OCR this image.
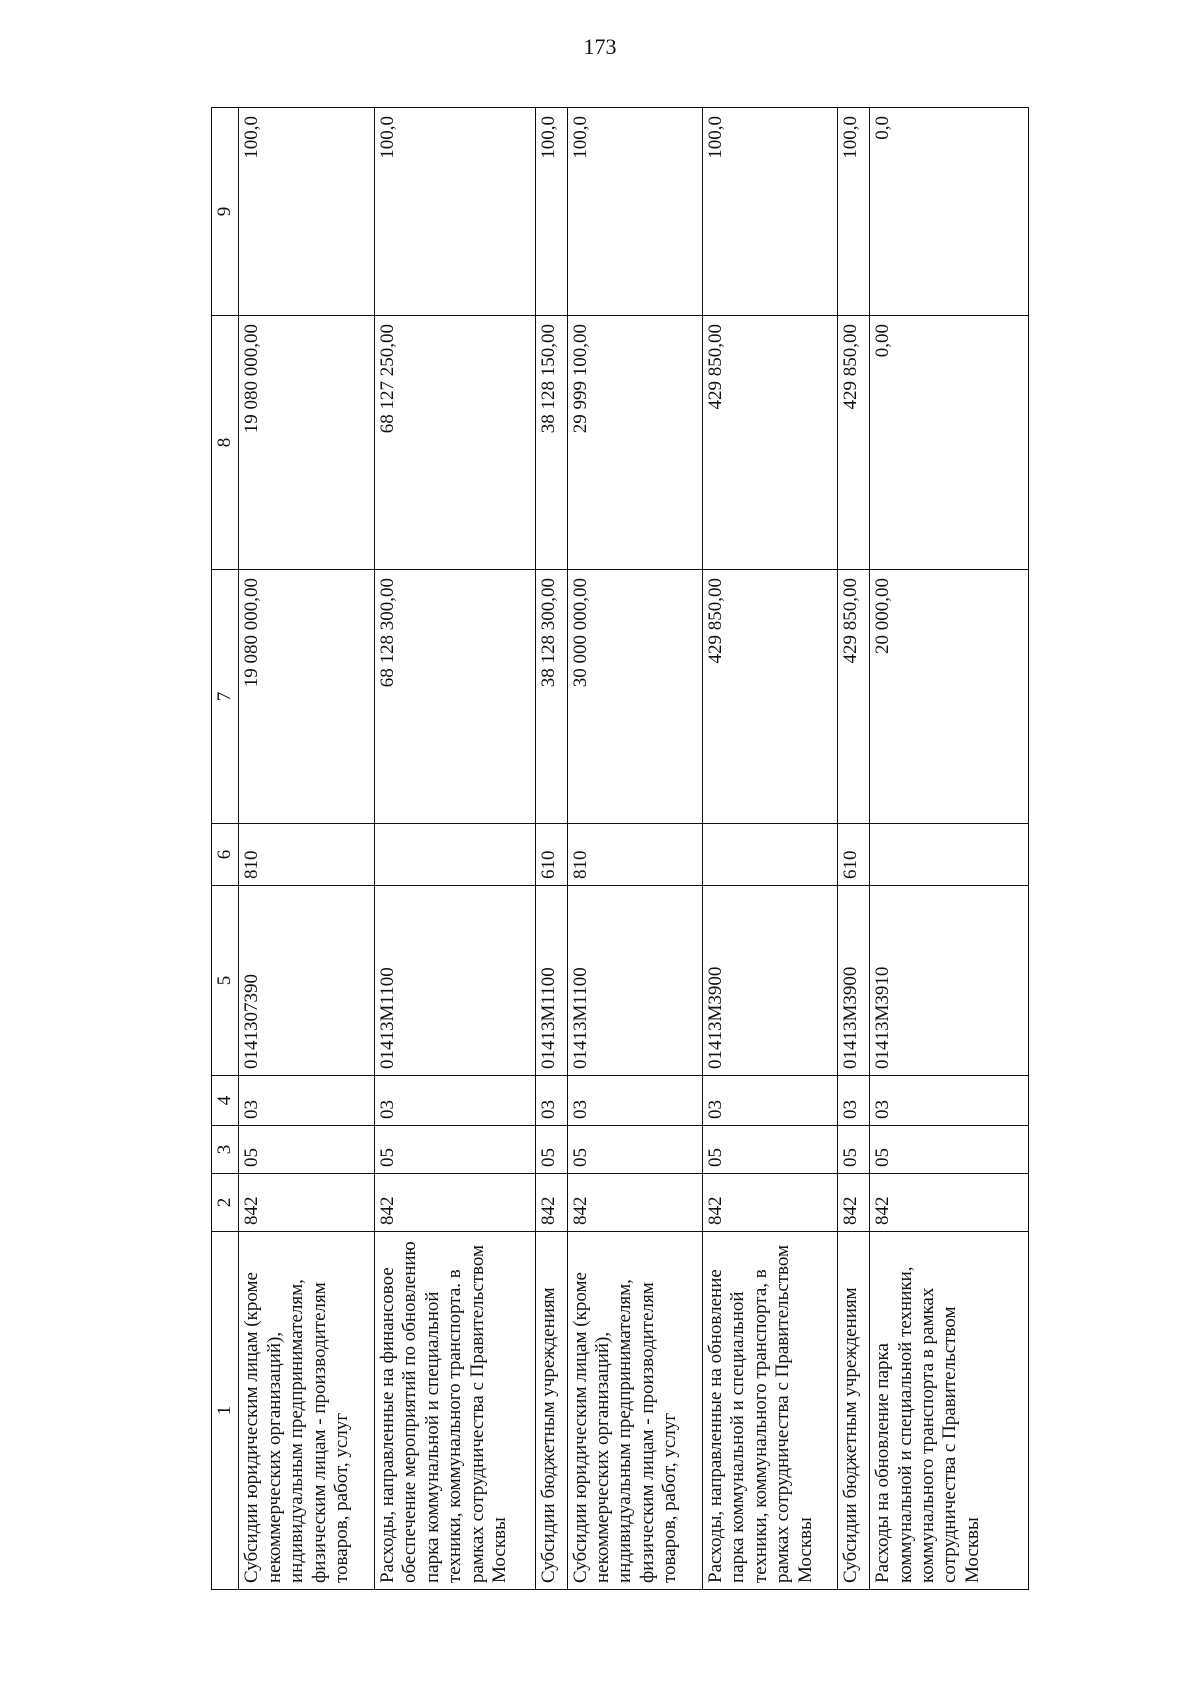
173
1	2	3	4	5	6	7	8	9
Субсидии юридическим лицам (кроме некоммерческих организаций), индивидуальным предпринимателям, физическим лицам - производителям товаров, работ, услуг	842	05	03	0141307390	810	19 080 000,00	19 080 000,00	100,0
Расходы, направленные на финансовое обеспечение мероприятий по обновлению парка коммунальной и специальной техники, коммунального транспорта. в рамках сотрудничества с Правительством Москвы	842	05	03	01413М1100		68 128 300,00	68 127 250,00	100,0
Субсидии бюджетным учреждениям	842	05	03	01413М1100	610	38 128 300,00	38 128 150,00	100,0
Субсидии юридическим лицам (кроме некоммерческих организаций), индивидуальным предпринимателям, физическим лицам - производителям товаров, работ, услуг	842	05	03	01413М1100	810	30 000 000,00	29 999 100,00	100,0
Расходы, направленные на обновление парка коммунальной и специальной техники, коммунального транспорта, в рамках сотрудничества с Правительством Москвы	842	05	03	01413М3900		429 850,00	429 850,00	100,0
Субсидии бюджетным учреждениям	842	05	03	01413М3900	610	429 850,00	429 850,00	100,0
Расходы на обновление парка коммунальной и специальной техники, коммунального транспорта в рамках сотрудничества с Правительством Москвы	842	05	03	01413М3910		20 000,00	0,00	0,0
